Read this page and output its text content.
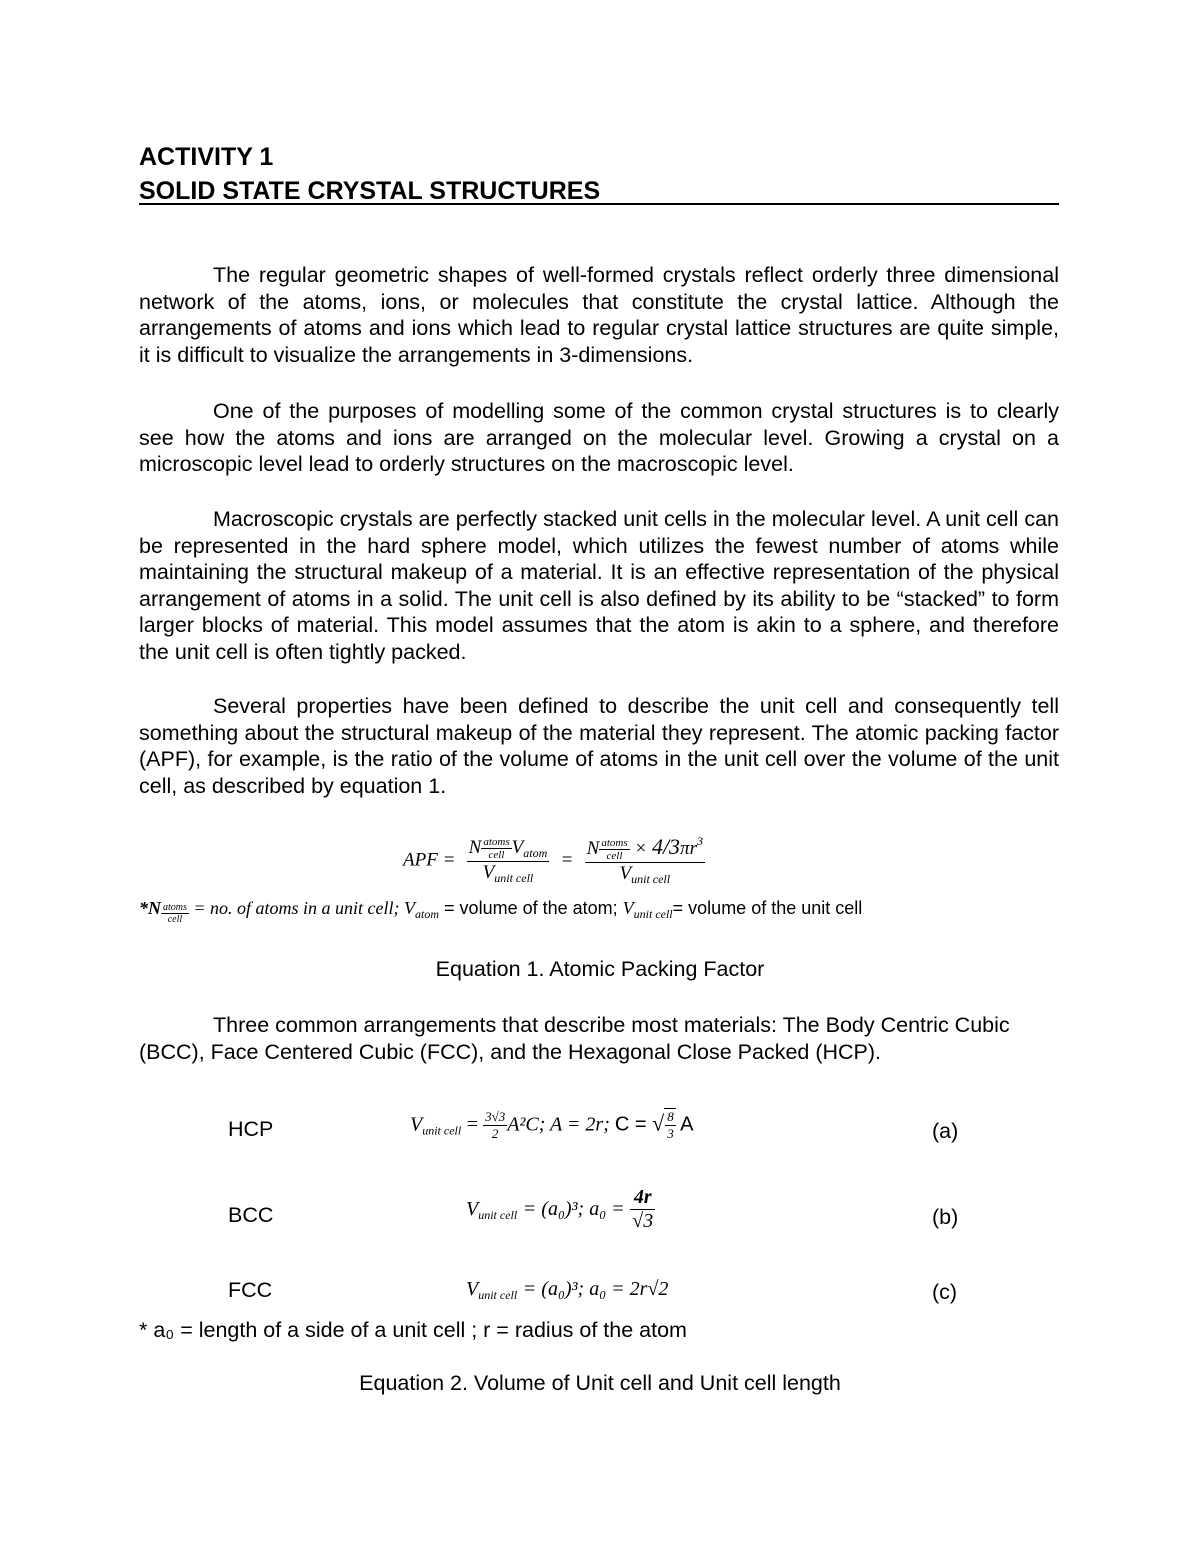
ACTIVITY 1
SOLID STATE CRYSTAL STRUCTURES

The regular geometric shapes of well-formed crystals reflect orderly three dimensional network of the atoms, ions, or molecules that constitute the crystal lattice. Although the arrangements of atoms and ions which lead to regular crystal lattice structures are quite simple, it is difficult to visualize the arrangements in 3-dimensions.

One of the purposes of modelling some of the common crystal structures is to clearly see how the atoms and ions are arranged on the molecular level. Growing a crystal on a microscopic level lead to orderly structures on the macroscopic level.

Macroscopic crystals are perfectly stacked unit cells in the molecular level. A unit cell can be represented in the hard sphere model, which utilizes the fewest number of atoms while maintaining the structural makeup of a material. It is an effective representation of the physical arrangement of atoms in a solid. The unit cell is also defined by its ability to be “stacked” to form larger blocks of material. This model assumes that the atom is akin to a sphere, and therefore the unit cell is often tightly packed.

Several properties have been defined to describe the unit cell and consequently tell something about the structural makeup of the material they represent. The atomic packing factor (APF), for example, is the ratio of the volume of atoms in the unit cell over the volume of the unit cell, as described by equation 1.

APF = $\frac{N \frac{\text{atoms}}{\text{cell}} V_{atom}}{V_{unit cell}} = \frac{N \frac{\text{atoms}}{\text{cell}} \times 4/3\pi r^3}{V_{unit cell}}$
$*N \frac{\text{atoms}}{\text{cell}}$ = no. of atoms in a unit cell; $V_{atom}$ = volume of the atom; $V_{unit cell}=$ volume of the unit cell
Equation 1. Atomic Packing Factor

Three common arrangements that describe most materials: The Body Centric Cubic (BCC), Face Centered Cubic (FCC), and the Hexagonal Close Packed (HCP).

HCP	$V_{unit cell} = \frac{3√3}{2} A^2C$; A = 2r; C = √ $\frac{8}{3}$ A	(a)
BCC	$V_{unit cell} = (a_0)^3$; $a_0 = \frac{4r}{√3}$	(b)
FCC	$V_{unit cell} = (a_0)^3$; a₀ = 2r√2	(c)
* a₀ = length of a side of a unit cell ; r = radius of the atom
Equation 2. Volume of Unit cell and Unit cell length
